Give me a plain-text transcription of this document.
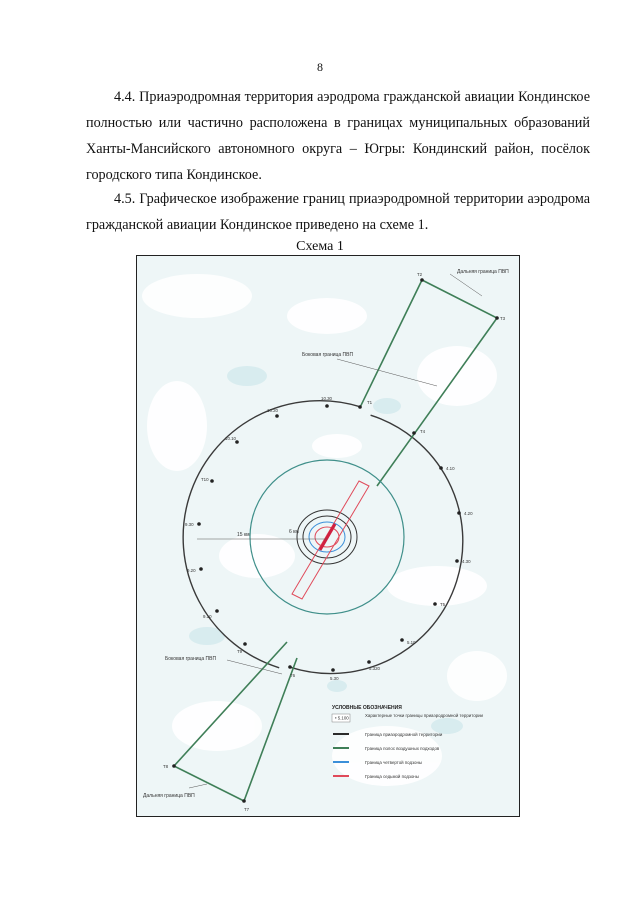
8

4.4. Приаэродромная территория аэродрома гражданской авиации Кондинское полностью или частично расположена в границах муниципальных образований Ханты-Мансийского автономного округа – Югры: Кондинский район, посёлок городского типа Кондинское.

4.5. Графическое изображение границ приаэродромной территории аэродрома гражданской авиации Кондинское приведено на схеме 1.

Схема 1
15 км	6 км
Дальняя граница ПВП
Боковая граница ПВП
Боковая граница ПВП
Дальняя граница ПВП
T2
T3
T1
T4
4.10
4.20
4.30
T5
5.10
5.320
5.30
T6
T7
T8
T9
9.10
9.20
9.30
T10
10.10
10.20
10.30
УСЛОВНЫЕ ОБОЗНАЧЕНИЯ
• 5.100	Характерные точки границы приаэродромной территории
Граница приаэродромной территории
Граница полос воздушных подходов
Граница четвертой подзоны
Граница седьмой подзоны
